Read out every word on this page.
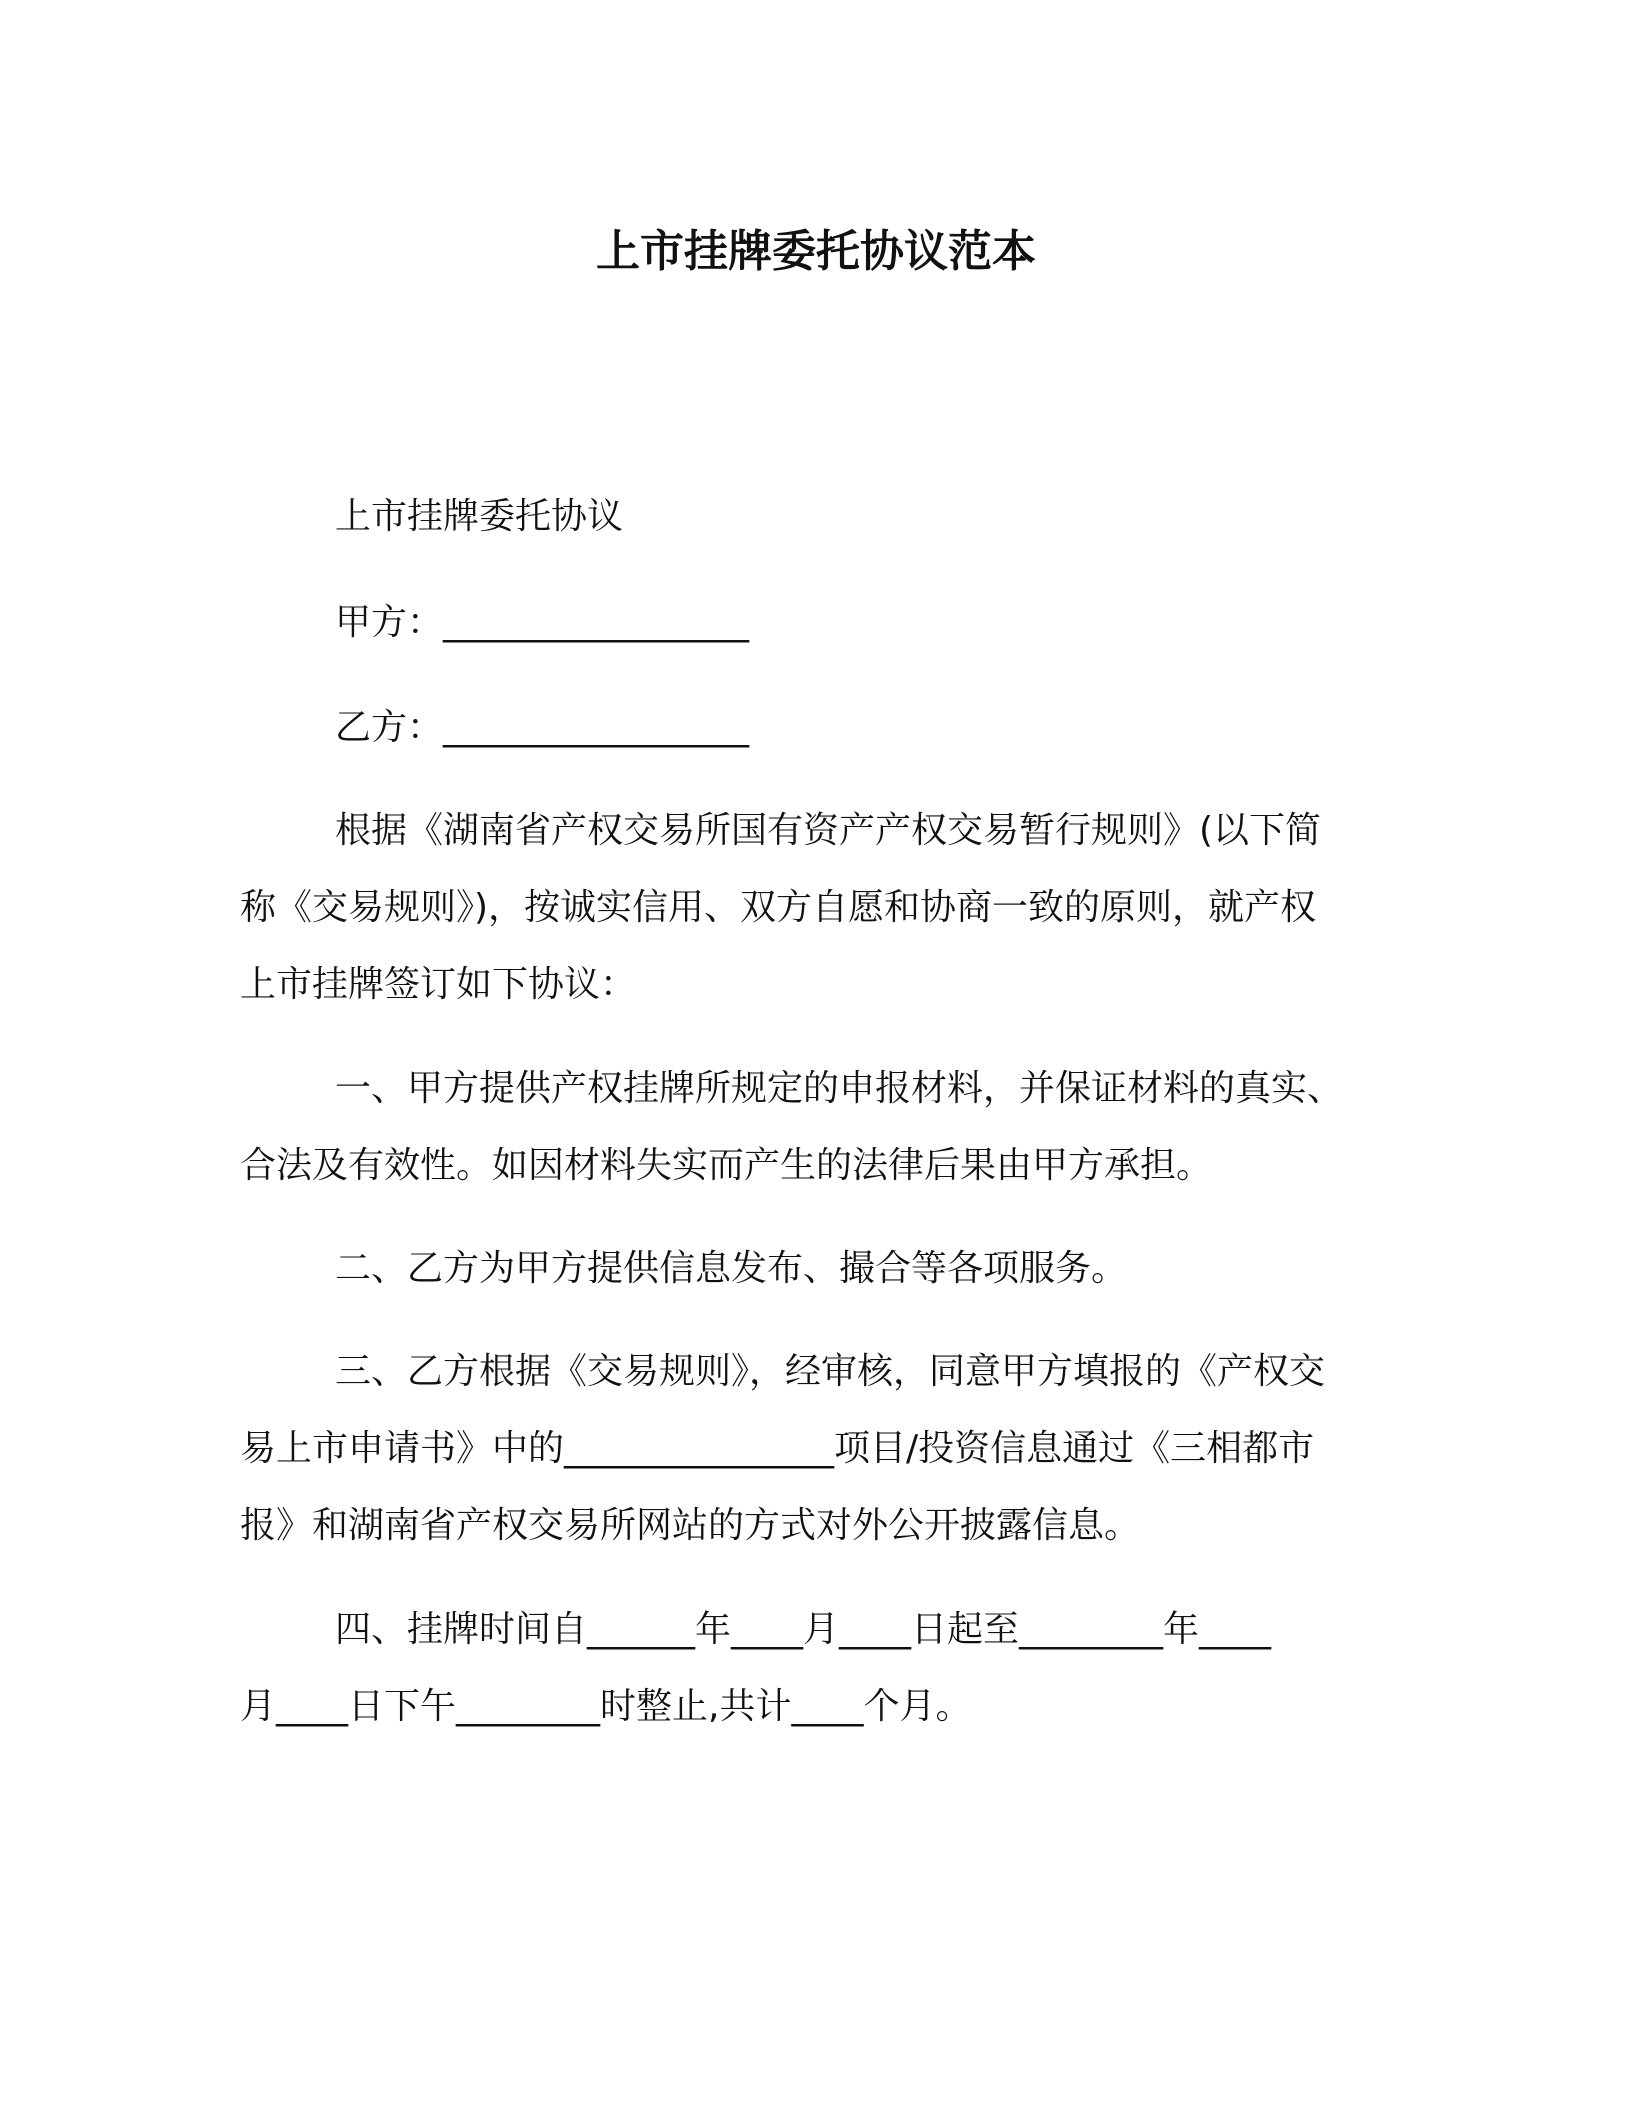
上市挂牌委托协议范本

上市挂牌委托协议

甲方：_________________

乙方：_________________

根据《湖南省产权交易所国有资产产权交易暂行规则》(以下简

称《交易规则》)，按诚实信用、双方自愿和协商一致的原则，就产权

上市挂牌签订如下协议：

一、甲方提供产权挂牌所规定的申报材料，并保证材料的真实、

合法及有效性。如因材料失实而产生的法律后果由甲方承担。

二、乙方为甲方提供信息发布、撮合等各项服务。

三、乙方根据《交易规则》，经审核，同意甲方填报的《产权交

易上市申请书》中的_______________项目/投资信息通过《三相都市

报》和湖南省产权交易所网站的方式对外公开披露信息。

四、挂牌时间自______年____月____日起至________年____

月____日下午________时整止,共计____个月。
